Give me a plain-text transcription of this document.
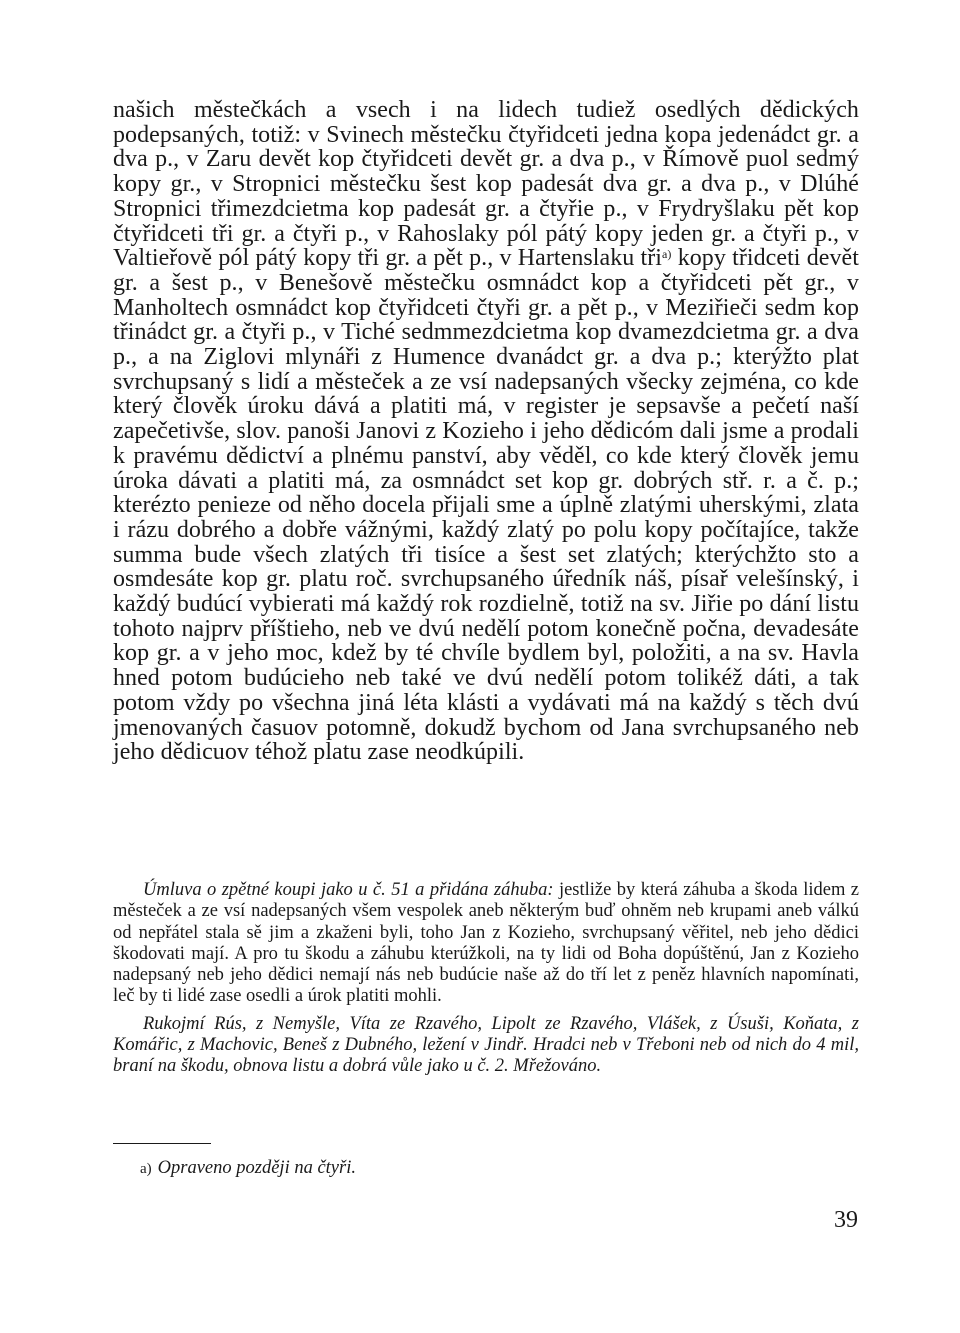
našich městečkách a vsech i na lidech tudiež osedlých dědických podepsaných, totiž: v Svinech městečku čtyřidceti jedna kopa jedenádct gr. a dva p., v Zaru devět kop čtyřidceti devět gr. a dva p., v Římově puol sedmý kopy gr., v Stropnici městečku šest kop padesát dva gr. a dva p., v Dlúhé Stropnici třimezdcietma kop padesát gr. a čtyřie p., v Frydryšlaku pět kop čtyřidceti tři gr. a čtyři p., v Rahoslaky pól pátý kopy jeden gr. a čtyři p., v Valtieřově pól pátý kopy tři gr. a pět p., v Hartenslaku tři$^{a)}$ kopy třidceti devět gr. a šest p., v Benešově městečku osmnádct kop a čtyřidceti pět gr., v Manholtech osmnádct kop čtyřidceti čtyři gr. a pět p., v Meziřieči sedm kop třinádct gr. a čtyři p., v Tiché sedmmezdcietma kop dvamezdcietma gr. a dva p., a na Ziglovi mlynáři z Humence dvanádct gr. a dva p.; kterýžto plat svrchupsaný s lidí a městeček a ze vsí nadepsaných všecky zejména, co kde který člověk úroku dává a platiti má, v register je sepsavše a pečetí naší zapečetivše, slov. panoši Janovi z Kozieho i jeho dědicóm dali jsme a prodali k pravému dědictví a plnému panství, aby věděl, co kde který člověk jemu úroka dávati a platiti má, za osmnádct set kop gr. dobrých stř. r. a č. p.; kterézto penieze od něho docela přijali sme a úplně zlatými uherskými, zlata i rázu dobrého a dobře vážnými, každý zlatý po polu kopy počítajíce, takže summa bude všech zlatých tři tisíce a šest set zlatých; kterýchžto sto a osmdesáte kop gr. platu roč. svrchupsaného úředník náš, písař velešínský, i každý budúcí vybierati má každý rok rozdielně, totiž na sv. Jiřie po dání listu tohoto najprv příštieho, neb ve dvú nedělí potom konečně počna, devadesáte kop gr. a v jeho moc, kdež by té chvíle bydlem byl, položiti, a na sv. Havla hned potom budúcieho neb také ve dvú nedělí potom tolikéž dáti, a tak potom vždy po všechna jiná léta klásti a vydávati má na každý s těch dvú jmenovaných časuov potomně, dokudž bychom od Jana svrchupsaného neb jeho dědicuov téhož platu zase neodkúpili.

Úmluva o zpětné koupi jako u č. 51 a přidána záhuba: jestliže by která záhuba a škoda lidem z městeček a ze vsí nadepsaných všem vespolek aneb některým buď ohněm neb krupami aneb válkú od nepřátel stala sě jim a zkaženi byli, toho Jan z Kozieho, svrchupsaný věřitel, neb jeho dědici škodovati mají. A pro tu škodu a záhubu kterúžkoli, na ty lidi od Boha dopúštěnú, Jan z Kozieho nadepsaný neb jeho dědici nemají nás neb budúcie naše až do tří let z peněz hlavních napomínati, leč by ti lidé zase osedli a úrok platiti mohli.

Rukojmí Rús, z Nemyšle, Víta ze Rzavého, Lipolt ze Rzavého, Vlášek, z Úsuši, Koňata, z Komářic, z Machovic, Beneš z Dubného, ležení v Jindř. Hradci neb v Třeboni neb od nich do 4 mil, braní na škodu, obnova listu a dobrá vůle jako u č. 2. Mřežováno.

a) Opraveno později na čtyři.
39
